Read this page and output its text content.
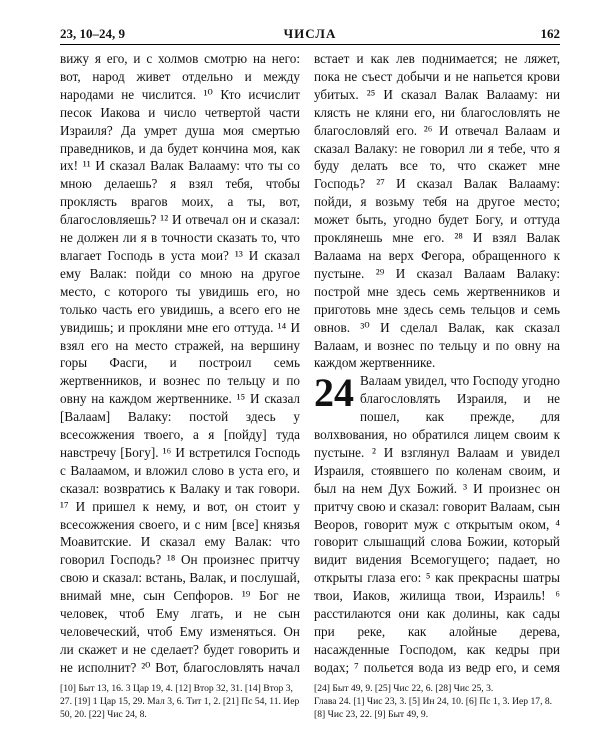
23, 10–24, 9	ЧИСЛА	162

вижу я его, и с холмов смотрю на него: вот, народ живет отдельно и между народами не числится. ¹⁰ Кто исчислит песок Иакова и число четвертой части Израиля? Да умрет душа моя смертью праведников, и да будет кончина моя, как их! ¹¹ И сказал Валак Валааму: что ты со мною делаешь? я взял тебя, чтобы проклясть врагов моих, а ты, вот, благословляешь? ¹² И отвечал он и сказал: не должен ли я в точности сказать то, что влагает Господь в уста мои? ¹³ И сказал ему Валак: пойди со мною на другое место, с которого ты увидишь его, но только часть его увидишь, а всего его не увидишь; и прокляни мне его оттуда. ¹⁴ И взял его на место стражей, на вершину горы Фасги, и построил семь жертвенников, и вознес по тельцу и по овну на каждом жертвеннике. ¹⁵ И сказал [Валаам] Валаку: постой здесь у всесожжения твоего, а я [пойду] туда навстречу [Богу]. ¹⁶ И встретился Господь с Валаамом, и вложил слово в уста его, и сказал: возвратись к Валаку и так говори. ¹⁷ И пришел к нему, и вот, он стоит у всесожжения своего, и с ним [все] князья Моавитские. И сказал ему Валак: что говорил Господь? ¹⁸ Он произнес притчу свою и сказал: встань, Валак, и послушай, внимай мне, сын Сепфоров. ¹⁹ Бог не человек, чтоб Ему лгать, и не сын человеческий, чтоб Ему изменяться. Он ли скажет и не сделает? будет говорить и не исполнит? ²⁰ Вот, благословлять начал

встает и как лев поднимается; не ляжет, пока не съест добычи и не напьется крови убитых. ²⁵ И сказал Валак Валааму: ни клясть не кляни его, ни благословлять не благословляй его. ²⁶ И отвечал Валаам и сказал Валаку: не говорил ли я тебе, что я буду делать все то, что скажет мне Господь? ²⁷ И сказал Валак Валааму: пойди, я возьму тебя на другое место; может быть, угодно будет Богу, и оттуда проклянешь мне его. ²⁸ И взял Валак Валаама на верх Фегора, обращенного к пустыне. ²⁹ И сказал Валаам Валаку: построй мне здесь семь жертвенников и приготовь мне здесь семь тельцов и семь овнов. ³⁰ И сделал Валак, как сказал Валаам, и вознес по тельцу и по овну на каждом жертвеннике.

24 Валаам увидел, что Господу угодно благословлять Израиля, и не пошел, как прежде, для волхвования, но обратился лицем своим к пустыне. ² И взглянул Валаам и увидел Израиля, стоявшего по коленам своим, и был на нем Дух Божий. ³ И произнес он притчу свою и сказал: говорит Валаам, сын Веоров, говорит муж с открытым оком, ⁴ говорит слышащий слова Божии, который видит видения Всемогущего; падает, но открыты глаза его: ⁵ как прекрасны шатры твои, Иаков, жилища твои, Израиль! ⁶ расстилаются они как долины, как сады при реке, как алойные дерева, насажденные Господом, как кедры при водах; ⁷ польется вода из ведр его, и семя

[10] Быт 13, 16. 3 Цар 19, 4. [12] Втор 32, 31. [14] Втор 3, 27. [19] 1 Цар 15, 29. Мал 3, 6. Тит 1, 2. [21] Пс 54, 11. Иер 50, 20. [22] Чис 24, 8.

[24] Быт 49, 9. [25] Чис 22, 6. [28] Чис 25, 3.

Глава 24. [1] Чис 23, 3. [5] Ин 24, 10. [6] Пс 1, 3. Иер 17, 8. [8] Чис 23, 22. [9] Быт 49, 9.
